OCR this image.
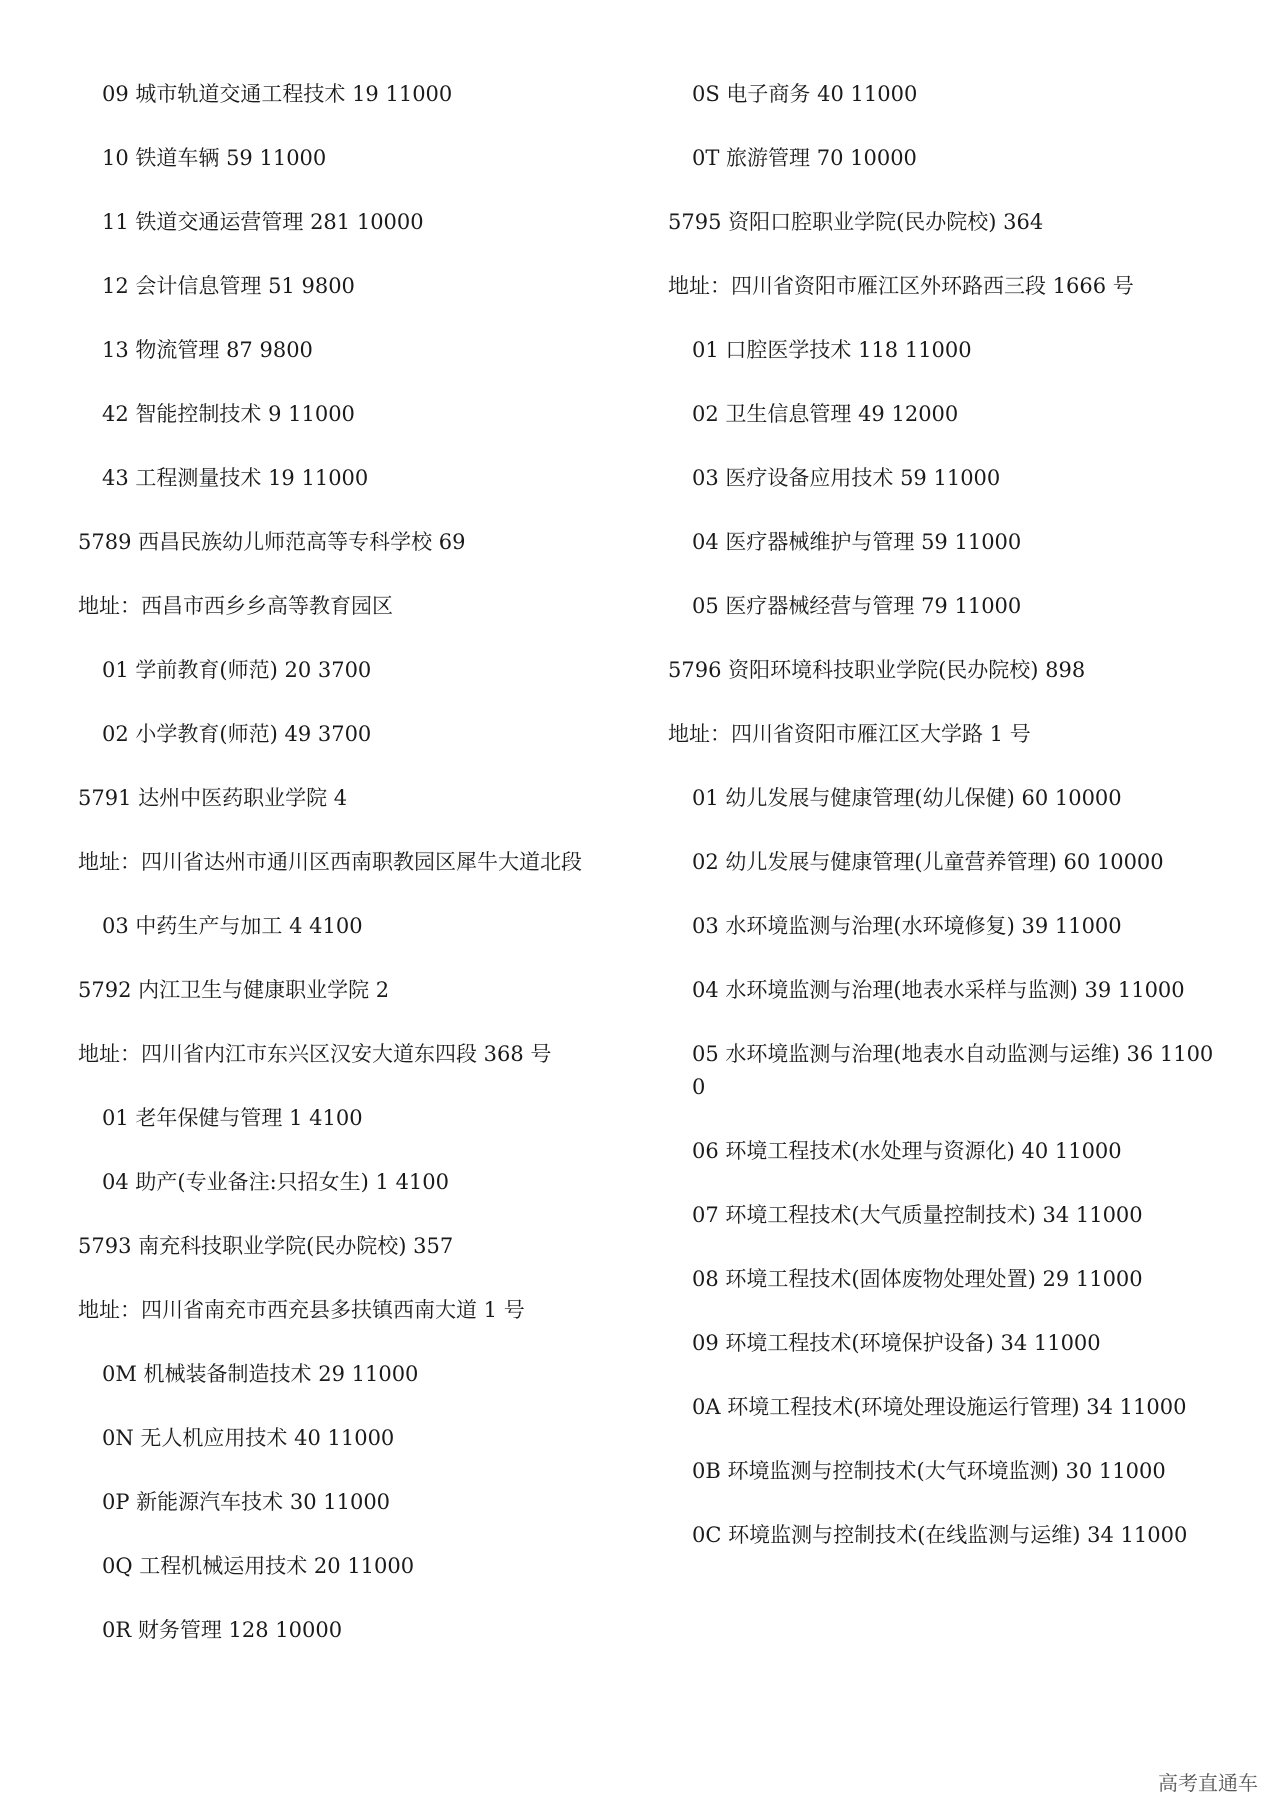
09 城市轨道交通工程技术 19 11000

10 铁道车辆 59 11000

11 铁道交通运营管理 281 10000

12 会计信息管理 51 9800

13 物流管理 87 9800

42 智能控制技术 9 11000

43 工程测量技术 19 11000

5789 西昌民族幼儿师范高等专科学校 69

地址：西昌市西乡乡高等教育园区

01 学前教育(师范) 20 3700

02 小学教育(师范) 49 3700

5791 达州中医药职业学院 4

地址：四川省达州市通川区西南职教园区犀牛大道北段

03 中药生产与加工 4 4100

5792 内江卫生与健康职业学院 2

地址：四川省内江市东兴区汉安大道东四段 368 号

01 老年保健与管理 1 4100

04 助产(专业备注:只招女生) 1 4100

5793 南充科技职业学院(民办院校) 357

地址：四川省南充市西充县多扶镇西南大道 1 号

0M 机械装备制造技术 29 11000

0N 无人机应用技术 40 11000

0P 新能源汽车技术 30 11000

0Q 工程机械运用技术 20 11000

0R 财务管理 128 10000

0S 电子商务 40 11000

0T 旅游管理 70 10000

5795 资阳口腔职业学院(民办院校) 364

地址：四川省资阳市雁江区外环路西三段 1666 号

01 口腔医学技术 118 11000

02 卫生信息管理 49 12000

03 医疗设备应用技术 59 11000

04 医疗器械维护与管理 59 11000

05 医疗器械经营与管理 79 11000

5796 资阳环境科技职业学院(民办院校) 898

地址：四川省资阳市雁江区大学路 1 号

01 幼儿发展与健康管理(幼儿保健) 60 10000

02 幼儿发展与健康管理(儿童营养管理) 60 10000

03 水环境监测与治理(水环境修复) 39 11000

04 水环境监测与治理(地表水采样与监测) 39 11000

05 水环境监测与治理(地表水自动监测与运维) 36 11000

06 环境工程技术(水处理与资源化) 40 11000

07 环境工程技术(大气质量控制技术) 34 11000

08 环境工程技术(固体废物处理处置) 29 11000

09 环境工程技术(环境保护设备) 34 11000

0A 环境工程技术(环境处理设施运行管理) 34 11000

0B 环境监测与控制技术(大气环境监测) 30 11000

0C 环境监测与控制技术(在线监测与运维) 34 11000

高考直通车
